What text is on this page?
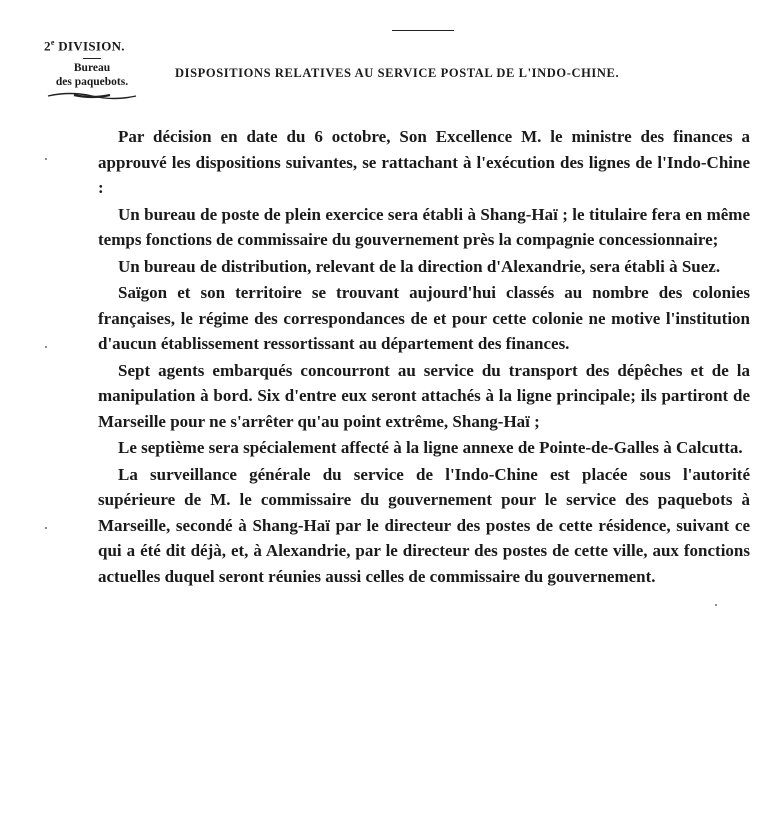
2e DIVISION.
Bureau
des paquebots.
DISPOSITIONS RELATIVES AU SERVICE POSTAL DE L'INDO-CHINE.

Par décision en date du 6 octobre, Son Excellence M. le ministre des finances a approuvé les dispositions suivantes, se rattachant à l'exécution des lignes de l'Indo-Chine :

Un bureau de poste de plein exercice sera établi à Shang-Haï ; le titulaire fera en même temps fonctions de commissaire du gouvernement près la compagnie concessionnaire;

Un bureau de distribution, relevant de la direction d'Alexandrie, sera établi à Suez.

Saïgon et son territoire se trouvant aujourd'hui classés au nombre des colonies françaises, le régime des correspondances de et pour cette colonie ne motive l'institution d'aucun établissement ressortissant au département des finances.

Sept agents embarqués concourront au service du transport des dépêches et de la manipulation à bord. Six d'entre eux seront attachés à la ligne principale; ils partiront de Marseille pour ne s'arrêter qu'au point extrême, Shang-Haï ;

Le septième sera spécialement affecté à la ligne annexe de Pointe-de-Galles à Calcutta.

La surveillance générale du service de l'Indo-Chine est placée sous l'autorité supérieure de M. le commissaire du gouvernement pour le service des paquebots à Marseille, secondé à Shang-Haï par le directeur des postes de cette résidence, suivant ce qui a été dit déjà, et, à Alexandrie, par le directeur des postes de cette ville, aux fonctions actuelles duquel seront réunies aussi celles de commissaire du gouvernement.
